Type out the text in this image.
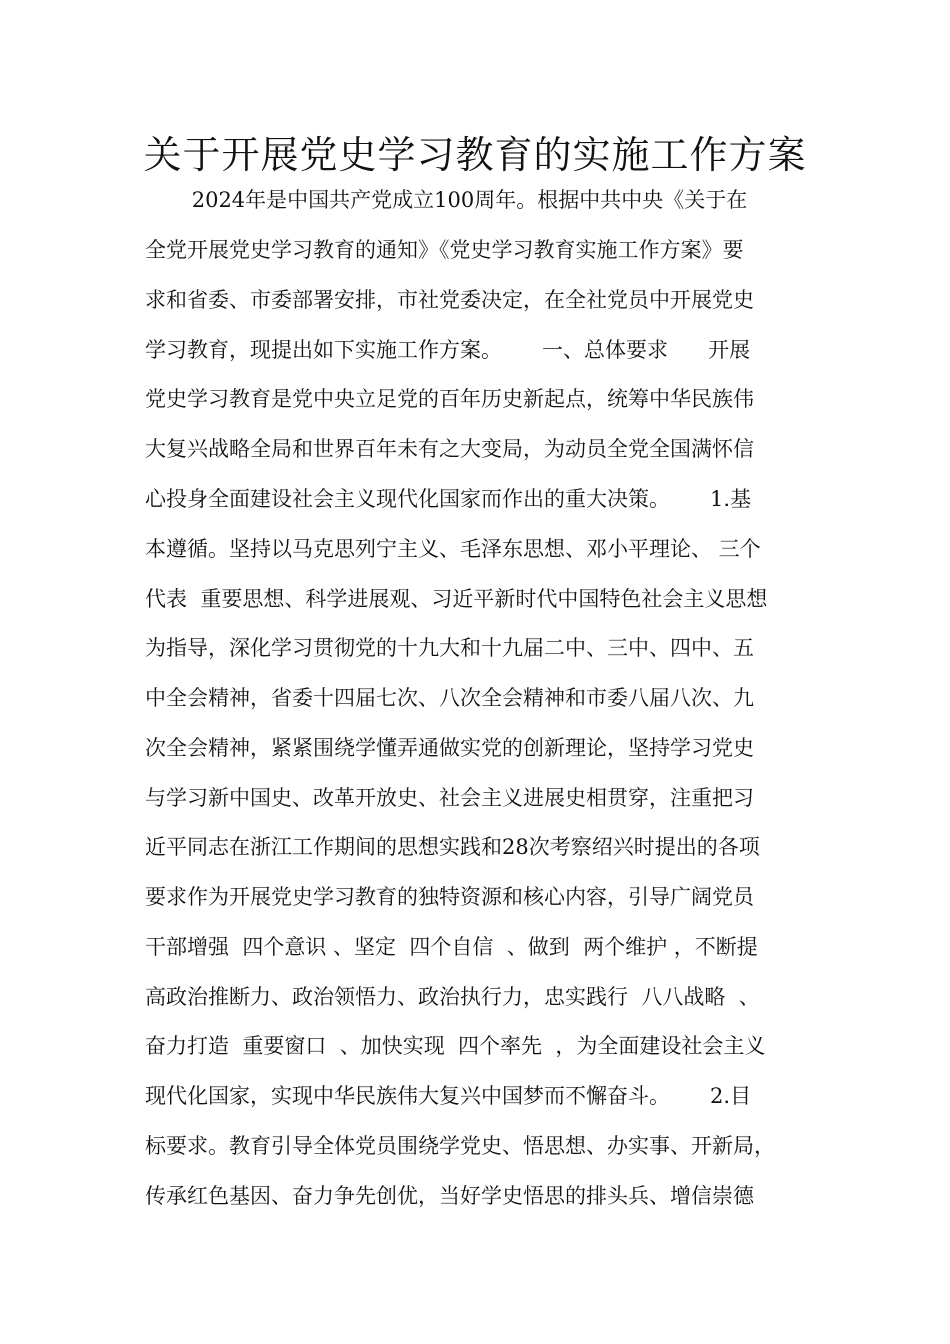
关于开展党史学习教育的实施工作方案
2024年是中国共产党成立100周年。根据中共中央《关于在
全党开展党史学习教育的通知》《党史学习教育实施工作方案》要
求和省委、市委部署安排，市社党委决定，在全社党员中开展党史
学习教育，现提出如下实施工作方案。      一、总体要求      开展
党史学习教育是党中央立足党的百年历史新起点，统筹中华民族伟
大复兴战略全局和世界百年未有之大变局，为动员全党全国满怀信
心投身全面建设社会主义现代化国家而作出的重大决策。      1.基
本遵循。坚持以马克思列宁主义、毛泽东思想、邓小平理论、 三个
代表  重要思想、科学进展观、习近平新时代中国特色社会主义思想
为指导，深化学习贯彻党的十九大和十九届二中、三中、四中、五
中全会精神，省委十四届七次、八次全会精神和市委八届八次、九
次全会精神，紧紧围绕学懂弄通做实党的创新理论，坚持学习党史
与学习新中国史、改革开放史、社会主义进展史相贯穿，注重把习
近平同志在浙江工作期间的思想实践和28次考察绍兴时提出的各项
要求作为开展党史学习教育的独特资源和核心内容，引导广阔党员
干部增强  四个意识 、坚定  四个自信  、做到  两个维护 ，不断提
高政治推断力、政治领悟力、政治执行力，忠实践行  八八战略  、
奋力打造  重要窗口  、加快实现  四个率先  ，为全面建设社会主义
现代化国家，实现中华民族伟大复兴中国梦而不懈奋斗。      2.目
标要求。教育引导全体党员围绕学党史、悟思想、办实事、开新局，
传承红色基因、奋力争先创优，当好学史悟思的排头兵、增信崇德
